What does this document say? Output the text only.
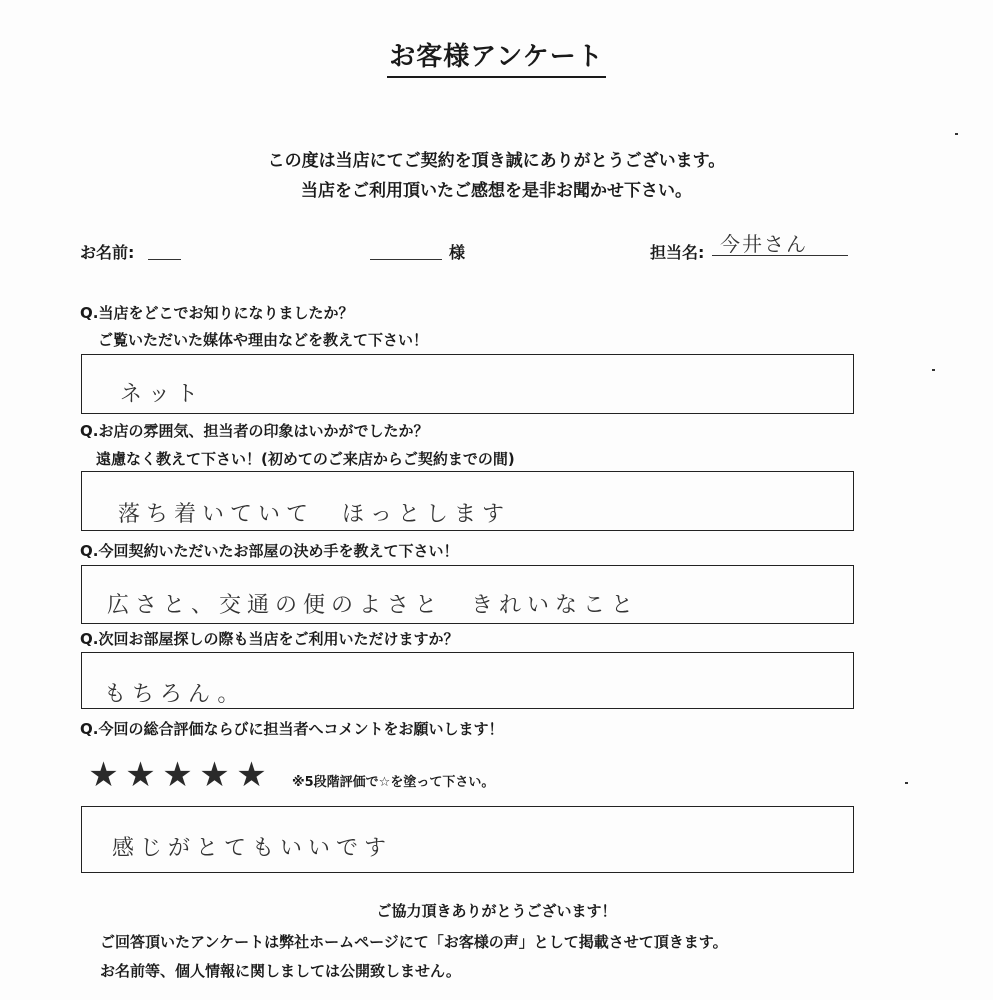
お客様アンケート
この度は当店にてご契約を頂き誠にありがとうございます。
当店をご利用頂いたご感想を是非お聞かせ下さい。
お名前:	様	担当名: 今井さん
Q.当店をどこでお知りになりましたか？
ご覧いただいた媒体や理由などを教えて下さい！
ネット
Q.お店の雰囲気、担当者の印象はいかがでしたか？
遠慮なく教えて下さい！(初めてのご来店からご契約までの間)
落ち着いていて　ほっとします
Q.今回契約いただいたお部屋の決め手を教えて下さい！
広さと、交通の便のよさと　きれいなこと
Q.次回お部屋探しの際も当店をご利用いただけますか？
もちろん。
Q.今回の総合評価ならびに担当者へコメントをお願いします！
★ ★ ★ ★ ★ ※5段階評価で☆を塗って下さい。
感じがとてもいいです
ご協力頂きありがとうございます！
ご回答頂いたアンケートは弊社ホームページにて「お客様の声」として掲載させて頂きます。
お名前等、個人情報に関しましては公開致しません。
